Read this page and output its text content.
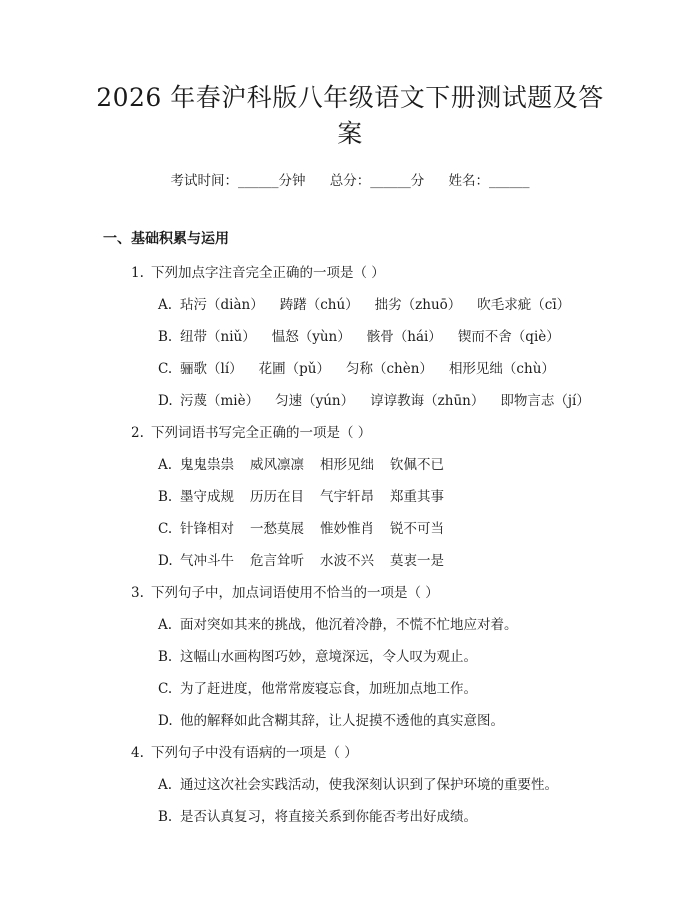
2026 年春沪科版八年级语文下册测试题及答
案
考试时间：______分钟 总分：______分 姓名：______
一、基础积累与运用
1. 下列加点字注音完全正确的一项是（ ）
A. 玷污（diàn） 踌躇（chú） 拙劣（zhuō） 吹毛求疵（cī）
B. 纽带（niǔ） 愠怒（yùn） 骸骨（hái） 锲而不舍（qiè）
C. 骊歌（lí） 花圃（pǔ） 匀称（chèn） 相形见绌（chù）
D. 污蔑（miè） 匀速（yún） 谆谆教诲（zhūn） 即物言志（jí）
2. 下列词语书写完全正确的一项是（ ）
A. 鬼鬼祟祟 威风凛凛 相形见绌 钦佩不已
B. 墨守成规 历历在目 气宇轩昂 郑重其事
C. 针锋相对 一愁莫展 惟妙惟肖 锐不可当
D. 气冲斗牛 危言耸听 水波不兴 莫衷一是
3. 下列句子中，加点词语使用不恰当的一项是（ ）
A. 面对突如其来的挑战，他沉着冷静，不慌不忙地应对着。
B. 这幅山水画构图巧妙，意境深远，令人叹为观止。
C. 为了赶进度，他常常废寝忘食，加班加点地工作。
D. 他的解释如此含糊其辞，让人捉摸不透他的真实意图。
4. 下列句子中没有语病的一项是（ ）
A. 通过这次社会实践活动，使我深刻认识到了保护环境的重要性。
B. 是否认真复习，将直接关系到你能否考出好成绩。
